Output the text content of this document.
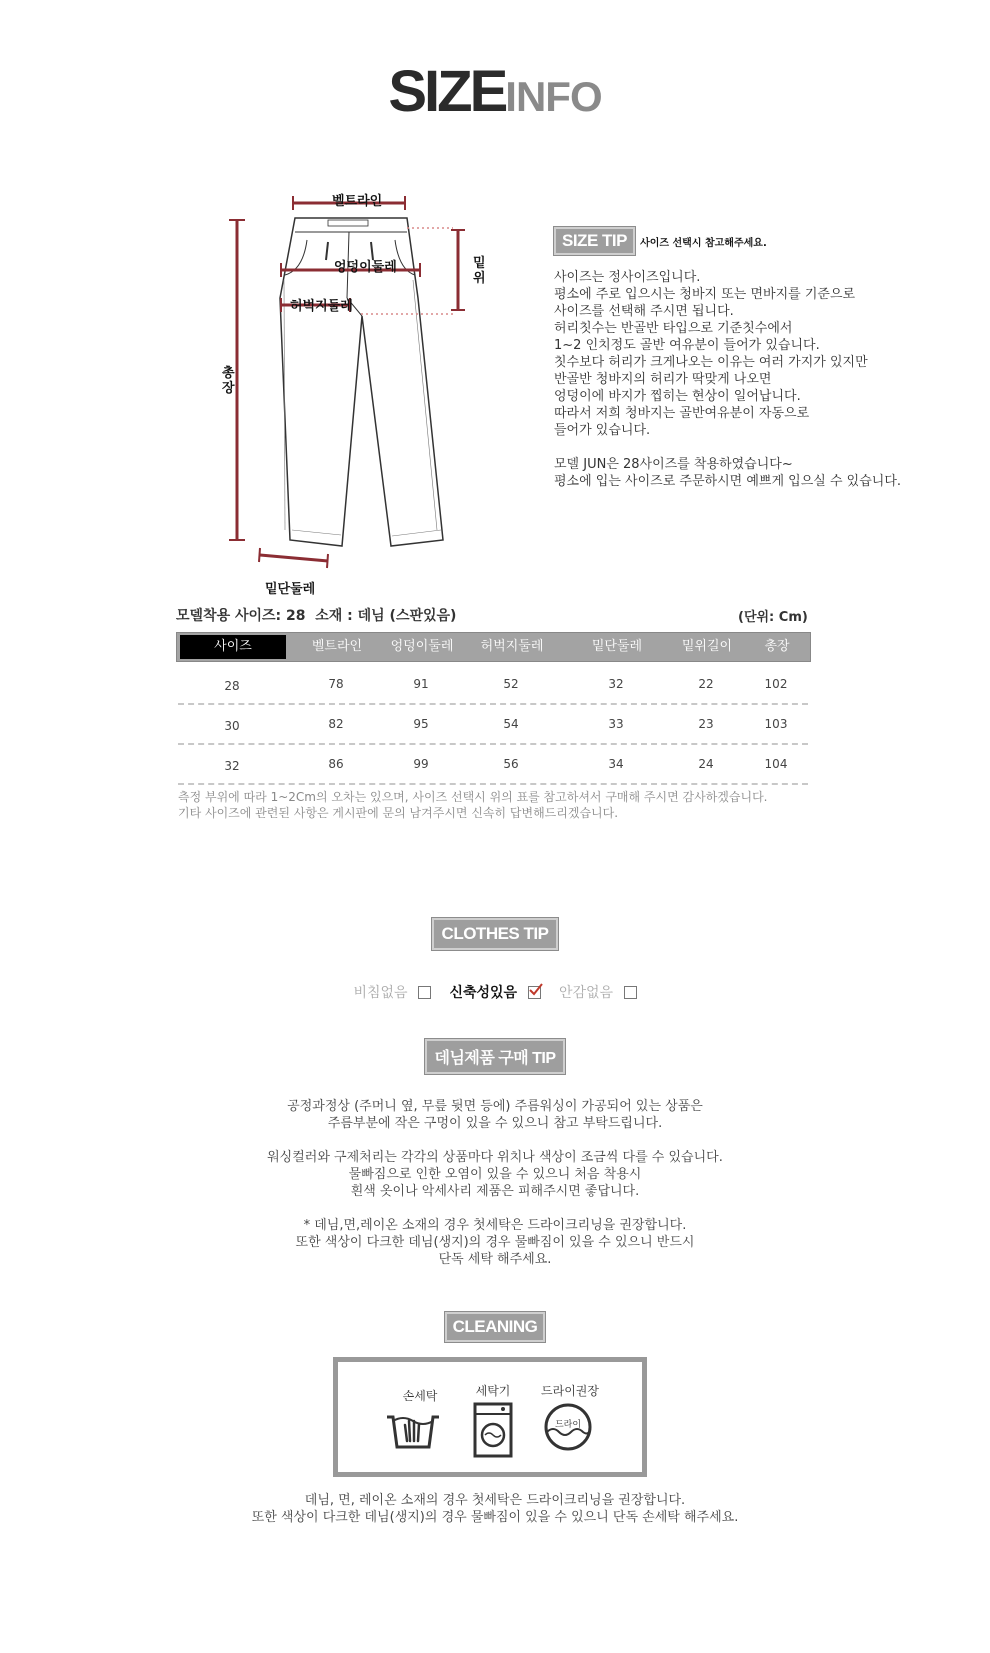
SIZEINFO
벨트라인
엉덩이둘레
허벅지둘레
밑위
총장
밑단둘레
SIZE TIP 사이즈 선택시 참고해주세요.
사이즈는 정사이즈입니다.
평소에 주로 입으시는 청바지 또는 면바지를 기준으로
사이즈를 선택해 주시면 됩니다.
허리칫수는 반골반 타입으로 기준칫수에서
1~2 인치정도 골반 여유분이 들어가 있습니다.
칫수보다 허리가 크게나오는 이유는 여러 가지가 있지만
반골반 청바지의 허리가 딱맞게 나오면
엉덩이에 바지가 찝히는 현상이 일어납니다.
따라서 저희 청바지는 골반여유분이 자동으로
들어가 있습니다.
모델 JUN은 28사이즈를 착용하였습니다~
평소에 입는 사이즈로 주문하시면 예쁘게 입으실 수 있습니다.
모델착용 사이즈: 28  소재 : 데님 (스판있음)	(단위: Cm)
사이즈	벨트라인	엉덩이둘레	허벅지둘레	밑단둘레	밑위길이	총장
28	78	91	52	32	22	102
30	82	95	54	33	23	103
32	86	99	56	34	24	104
측정 부위에 따라 1~2Cm의 오차는 있으며, 사이즈 선택시 위의 표를 참고하셔서 구매해 주시면 감사하겠습니다.
기타 사이즈에 관련된 사항은 게시판에 문의 남겨주시면 신속히 답변해드리겠습니다.
CLOTHES TIP
비침없음	신축성있음	안감없음
데님제품 구매 TIP
공정과정상 (주머니 옆, 무릎 뒷면 등에) 주름워싱이 가공되어 있는 상품은
주름부분에 작은 구멍이 있을 수 있으니 참고 부탁드립니다.
워싱컬러와 구제처리는 각각의 상품마다 위치나 색상이 조금씩 다를 수 있습니다.
물빠짐으로 인한 오염이 있을 수 있으니 처음 착용시
흰색 옷이나 악세사리 제품은 피해주시면 좋답니다.
* 데님,면,레이온 소재의 경우 첫세탁은 드라이크리닝을 권장합니다.
또한 색상이 다크한 데님(생지)의 경우 물빠짐이 있을 수 있으니 반드시
단독 세탁 해주세요.
CLEANING
손세탁	세탁기	드라이권장
드라이
데님, 면, 레이온 소재의 경우 첫세탁은 드라이크리닝을 권장합니다.
또한 색상이 다크한 데님(생지)의 경우 물빠짐이 있을 수 있으니 단독 손세탁 해주세요.
